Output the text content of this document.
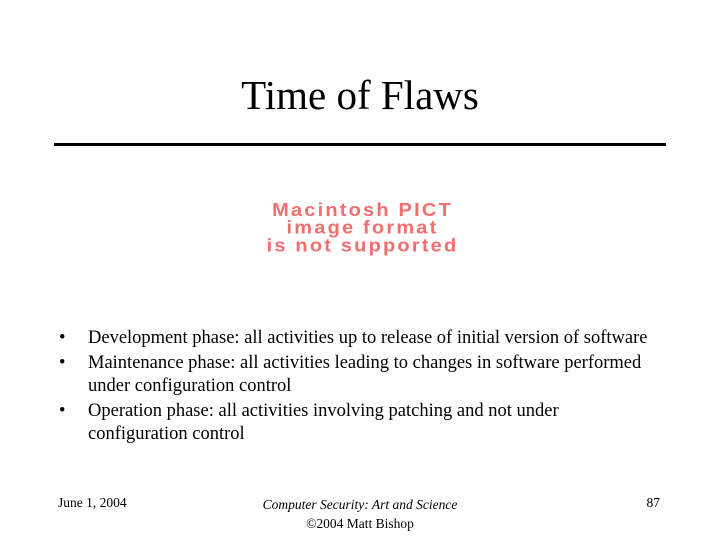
Time of Flaws
Macintosh PICT
image format
is not supported
• Development phase: all activities up to release of initial version of software
• Maintenance phase: all activities leading to changes in software performed under configuration control
• Operation phase: all activities involving patching and not under configuration control
June 1, 2004	Computer Security: Art and Science
©2004 Matt Bishop
87
